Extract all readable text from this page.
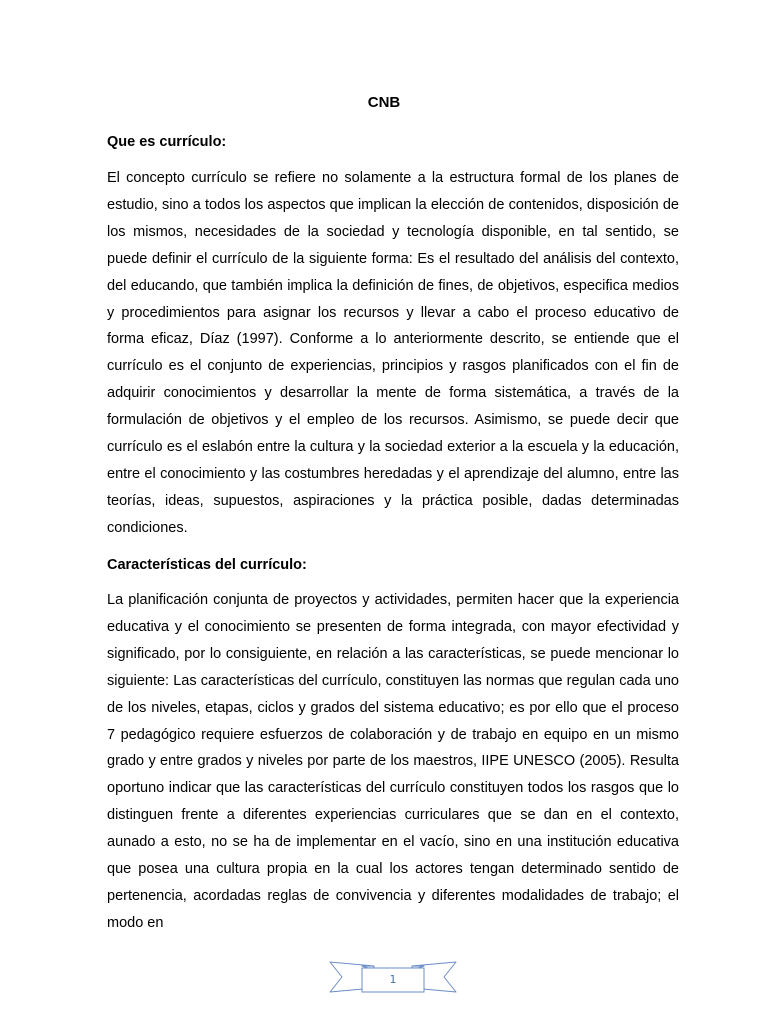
CNB
Que es currículo:

El concepto currículo se refiere no solamente a la estructura formal de los planes de estudio, sino a todos los aspectos que implican la elección de contenidos, disposición de los mismos, necesidades de la sociedad y tecnología disponible, en tal sentido, se puede definir el currículo de la siguiente forma: Es el resultado del análisis del contexto, del educando, que también implica la definición de fines, de objetivos, especifica medios y procedimientos para asignar los recursos y llevar a cabo el proceso educativo de forma eficaz, Díaz (1997). Conforme a lo anteriormente descrito, se entiende que el currículo es el conjunto de experiencias, principios y rasgos planificados con el fin de adquirir conocimientos y desarrollar la mente de forma sistemática, a través de la formulación de objetivos y el empleo de los recursos. Asimismo, se puede decir que currículo es el eslabón entre la cultura y la sociedad exterior a la escuela y la educación, entre el conocimiento y las costumbres heredadas y el aprendizaje del alumno, entre las teorías, ideas, supuestos, aspiraciones y la práctica posible, dadas determinadas condiciones.

Características del currículo:

La planificación conjunta de proyectos y actividades, permiten hacer que la experiencia educativa y el conocimiento se presenten de forma integrada, con mayor efectividad y significado, por lo consiguiente, en relación a las características, se puede mencionar lo siguiente: Las características del currículo, constituyen las normas que regulan cada uno de los niveles, etapas, ciclos y grados del sistema educativo; es por ello que el proceso 7 pedagógico requiere esfuerzos de colaboración y de trabajo en equipo en un mismo grado y entre grados y niveles por parte de los maestros, IIPE UNESCO (2005). Resulta oportuno indicar que las características del currículo constituyen todos los rasgos que lo distinguen frente a diferentes experiencias curriculares que se dan en el contexto, aunado a esto, no se ha de implementar en el vacío, sino en una institución educativa que posea una cultura propia en la cual los actores tengan determinado sentido de pertenencia, acordadas reglas de convivencia y diferentes modalidades de trabajo; el modo en

1
